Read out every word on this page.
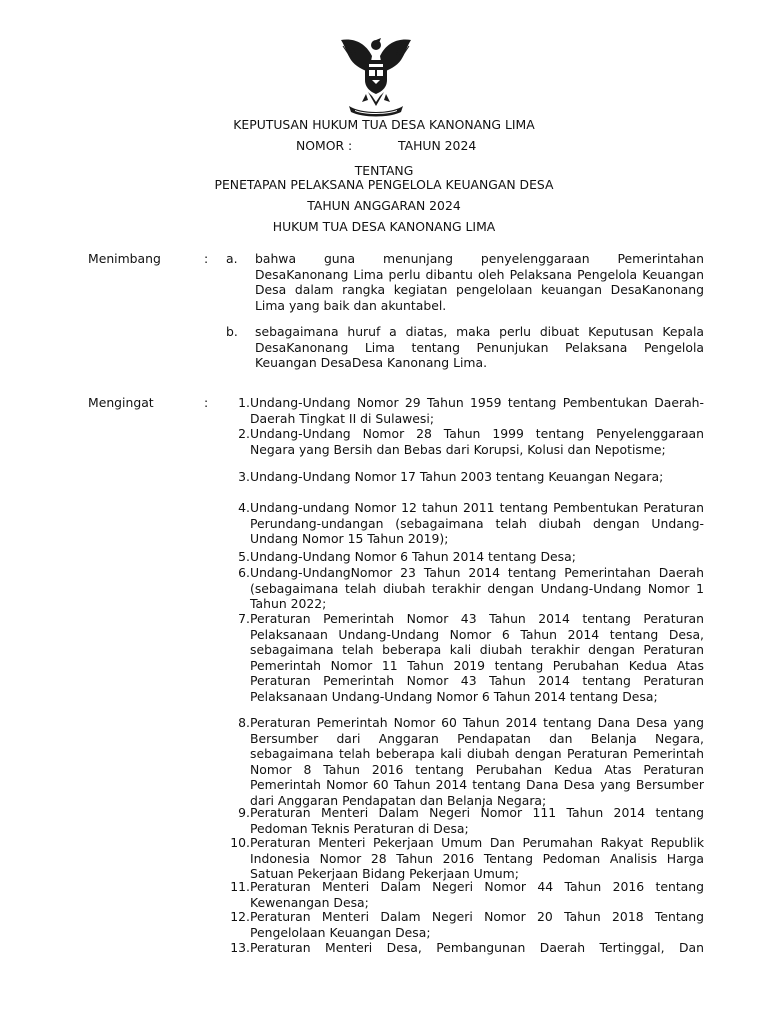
KEPUTUSAN HUKUM TUA DESA KANONANG LIMA
NOMOR :	TAHUN 2024
TENTANG
PENETAPAN PELAKSANA PENGELOLA KEUANGAN DESA
TAHUN ANGGARAN 2024
HUKUM TUA DESA KANONANG LIMA
Menimbang	: a. bahwa guna menunjang penyelenggaraan Pemerintahan DesaKanonang Lima perlu dibantu oleh Pelaksana Pengelola Keuangan Desa dalam rangka kegiatan pengelolaan keuangan DesaKanonang Lima yang baik dan akuntabel.
b. sebagaimana huruf a diatas, maka perlu dibuat Keputusan Kepala DesaKanonang Lima tentang Penunjukan Pelaksana Pengelola Keuangan DesaDesa Kanonang Lima.
Mengingat	:	1. Undang-Undang Nomor 29 Tahun 1959 tentang Pembentukan Daerah-Daerah Tingkat II di Sulawesi;
2. Undang-Undang Nomor 28 Tahun 1999 tentang Penyelenggaraan Negara yang Bersih dan Bebas dari Korupsi, Kolusi dan Nepotisme;
3. Undang-Undang Nomor 17 Tahun 2003 tentang Keuangan Negara;
4. Undang-undang Nomor 12 tahun 2011 tentang Pembentukan Peraturan Perundang-undangan (sebagaimana telah diubah dengan Undang-Undang Nomor 15 Tahun 2019);
5. Undang-Undang Nomor 6 Tahun 2014 tentang Desa;
6. Undang-UndangNomor 23 Tahun 2014 tentang Pemerintahan Daerah (sebagaimana telah diubah terakhir dengan Undang-Undang Nomor 1 Tahun 2022;
7. Peraturan Pemerintah Nomor 43 Tahun 2014 tentang Peraturan Pelaksanaan Undang-Undang Nomor 6 Tahun 2014 tentang Desa, sebagaimana telah beberapa kali diubah terakhir dengan Peraturan Pemerintah Nomor 11 Tahun 2019 tentang Perubahan Kedua Atas Peraturan Pemerintah Nomor 43 Tahun 2014 tentang Peraturan Pelaksanaan Undang-Undang Nomor 6 Tahun 2014 tentang Desa;
8. Peraturan Pemerintah Nomor 60 Tahun 2014 tentang Dana Desa yang Bersumber dari Anggaran Pendapatan dan Belanja Negara, sebagaimana telah beberapa kali diubah dengan Peraturan Pemerintah Nomor 8 Tahun 2016 tentang Perubahan Kedua Atas Peraturan Pemerintah Nomor 60 Tahun 2014 tentang Dana Desa yang Bersumber dari Anggaran Pendapatan dan Belanja Negara;
9. Peraturan Menteri Dalam Negeri Nomor 111 Tahun 2014 tentang Pedoman Teknis Peraturan di Desa;
10. Peraturan Menteri Pekerjaan Umum Dan Perumahan Rakyat Republik Indonesia Nomor 28 Tahun 2016 Tentang Pedoman Analisis Harga Satuan Pekerjaan Bidang Pekerjaan Umum;
11. Peraturan Menteri Dalam Negeri Nomor 44 Tahun 2016 tentang Kewenangan Desa;
12. Peraturan Menteri Dalam Negeri Nomor 20 Tahun 2018 Tentang Pengelolaan Keuangan Desa;
13. Peraturan Menteri Desa, Pembangunan Daerah Tertinggal, Dan
